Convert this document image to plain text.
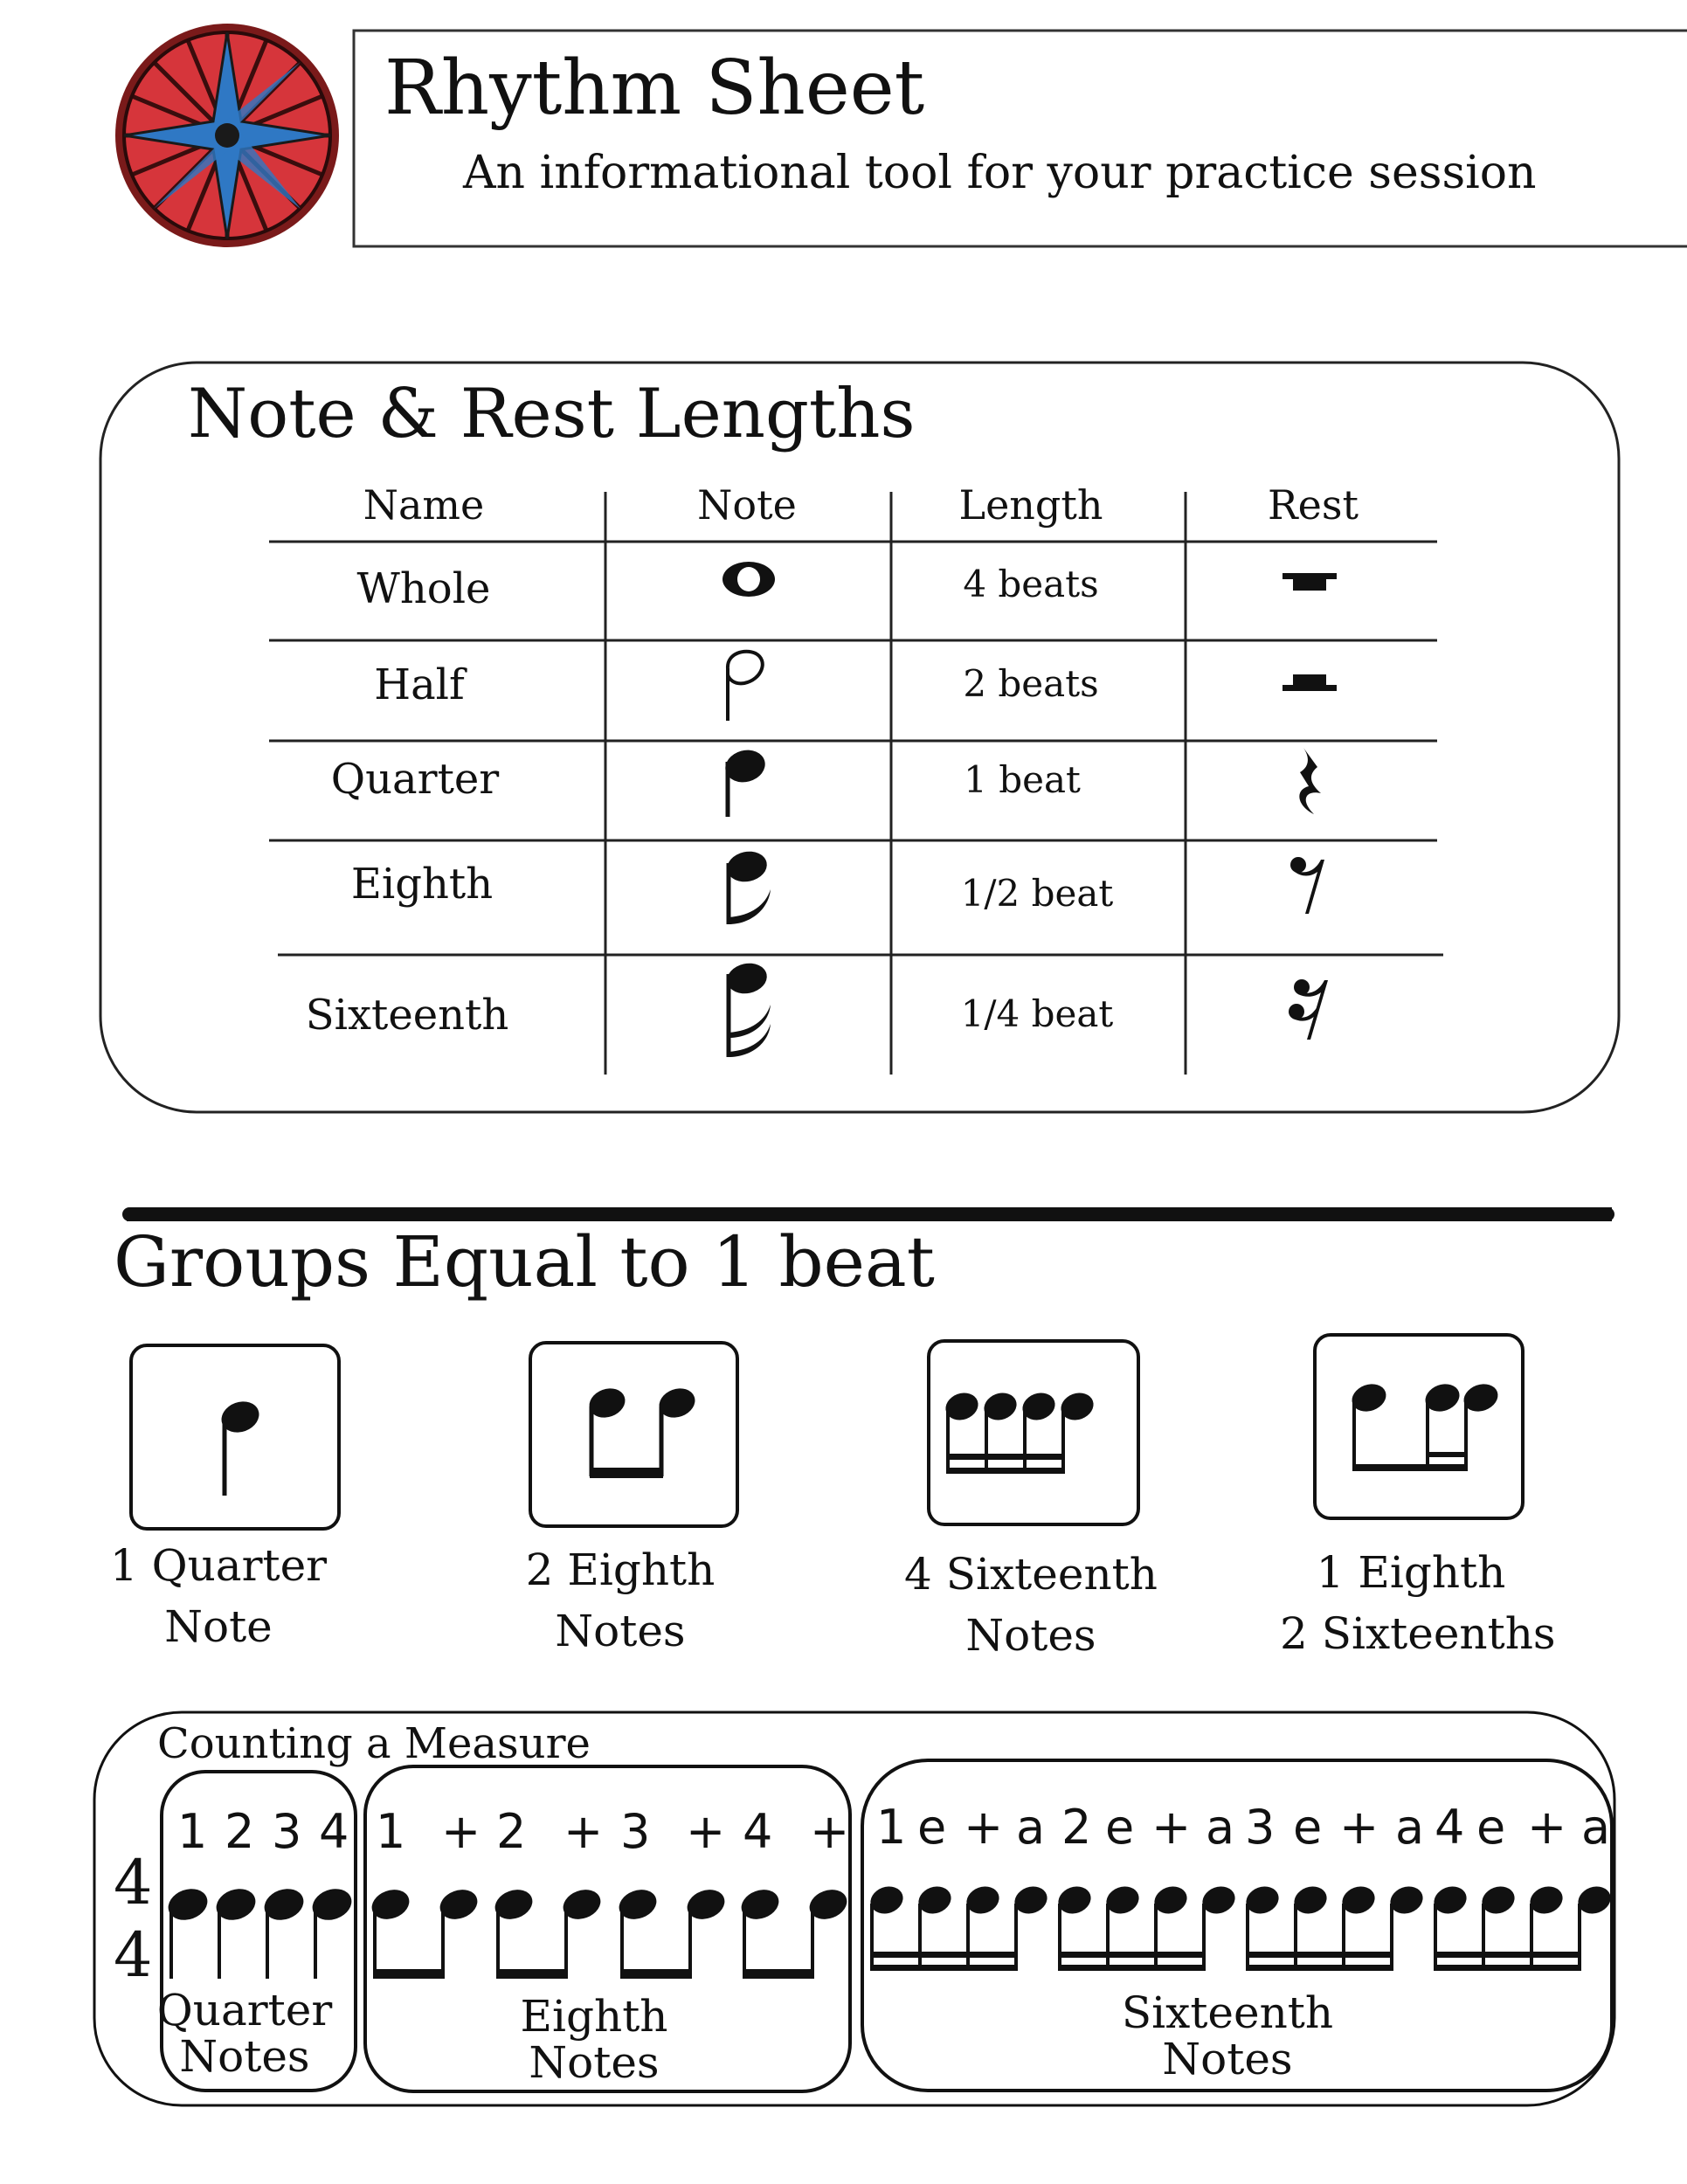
Rhythm Sheet
An informational tool for your practice session
Note & Rest Lengths
Name	Note	Length	Rest
Whole	4 beats
Half	2 beats
Quarter	1 beat
Eighth	1/2 beat
Sixteenth	1/4 beat
Groups Equal to 1 beat
1 Quarter
Note
2 Eighth
Notes
4 Sixteenth
Notes
1 Eighth
2 Sixteenths
Counting a Measure
4
4
1 2 3 4 1 + 2 + 3 + 4 + 1 e + a 2 e + a 3 e + a 4 e + a
Quarter
Notes
Eighth
Notes
Sixteenth
Notes
